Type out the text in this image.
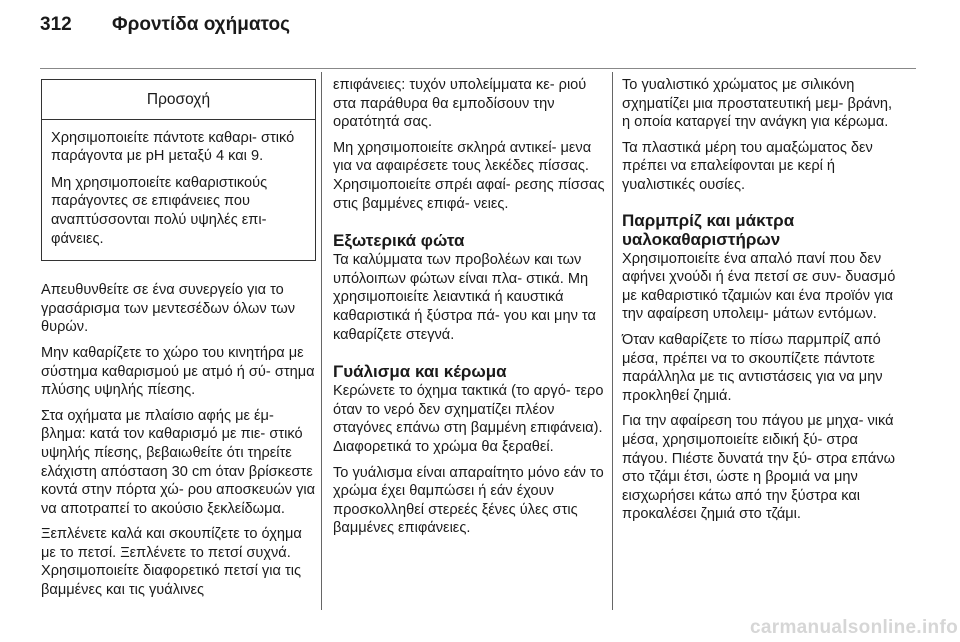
312 Φροντίδα οχήματος
Προσοχή

Χρησιμοποιείτε πάντοτε καθαρι- στικό παράγοντα με pH μεταξύ 4 και 9.

Μη χρησιμοποιείτε καθαριστικούς παράγοντες σε επιφάνειες που αναπτύσσονται πολύ υψηλές επι- φάνειες.

Απευθυνθείτε σε ένα συνεργείο για το γρασάρισμα των μεντεσέδων όλων των θυρών.

Μην καθαρίζετε το χώρο του κινητήρα με σύστημα καθαρισμού με ατμό ή σύ- στημα πλύσης υψηλής πίεσης.

Στα οχήματα με πλαίσιο αφής με έμ- βλημα: κατά τον καθαρισμό με πιε- στικό υψηλής πίεσης, βεβαιωθείτε ότι τηρείτε ελάχιστη απόσταση 30 cm όταν βρίσκεστε κοντά στην πόρτα χώ- ρου αποσκευών για να αποτραπεί το ακούσιο ξεκλείδωμα.

Ξεπλένετε καλά και σκουπίζετε το όχημα με το πετσί. Ξεπλένετε το πετσί συχνά. Χρησιμοποιείτε διαφορετικό πετσί για τις βαμμένες και τις γυάλινες

επιφάνειες: τυχόν υπολείμματα κε- ριού στα παράθυρα θα εμποδίσουν την ορατότητά σας.

Μη χρησιμοποιείτε σκληρά αντικεί- μενα για να αφαιρέσετε τους λεκέδες πίσσας. Χρησιμοποιείτε σπρέι αφαί- ρεσης πίσσας στις βαμμένες επιφά- νειες.

Εξωτερικά φώτα

Τα καλύμματα των προβολέων και των υπόλοιπων φώτων είναι πλα- στικά. Μη χρησιμοποιείτε λειαντικά ή καυστικά καθαριστικά ή ξύστρα πά- γου και μην τα καθαρίζετε στεγνά.

Γυάλισμα και κέρωμα

Κερώνετε το όχημα τακτικά (το αργό- τερο όταν το νερό δεν σχηματίζει πλέον σταγόνες επάνω στη βαμμένη επιφάνεια). Διαφορετικά το χρώμα θα ξεραθεί.

Το γυάλισμα είναι απαραίτητο μόνο εάν το χρώμα έχει θαμπώσει ή εάν έχουν προσκολληθεί στερεές ξένες ύλες στις βαμμένες επιφάνειες.

Το γυαλιστικό χρώματος με σιλικόνη σχηματίζει μια προστατευτική μεμ- βράνη, η οποία καταργεί την ανάγκη για κέρωμα.

Τα πλαστικά μέρη του αμαξώματος δεν πρέπει να επαλείφονται με κερί ή γυαλιστικές ουσίες.

Παρμπρίζ και μάκτρα υαλοκαθαριστήρων

Χρησιμοποιείτε ένα απαλό πανί που δεν αφήνει χνούδι ή ένα πετσί σε συν- δυασμό με καθαριστικό τζαμιών και ένα προϊόν για την αφαίρεση υπολειμ- μάτων εντόμων.

Όταν καθαρίζετε το πίσω παρμπρίζ από μέσα, πρέπει να το σκουπίζετε πάντοτε παράλληλα με τις αντιστάσεις για να μην προκληθεί ζημιά.

Για την αφαίρεση του πάγου με μηχα- νικά μέσα, χρησιμοποιείτε ειδική ξύ- στρα πάγου. Πιέστε δυνατά την ξύ- στρα επάνω στο τζάμι έτσι, ώστε η βρομιά να μην εισχωρήσει κάτω από την ξύστρα και προκαλέσει ζημιά στο τζάμι.

carmanualsonline.info
